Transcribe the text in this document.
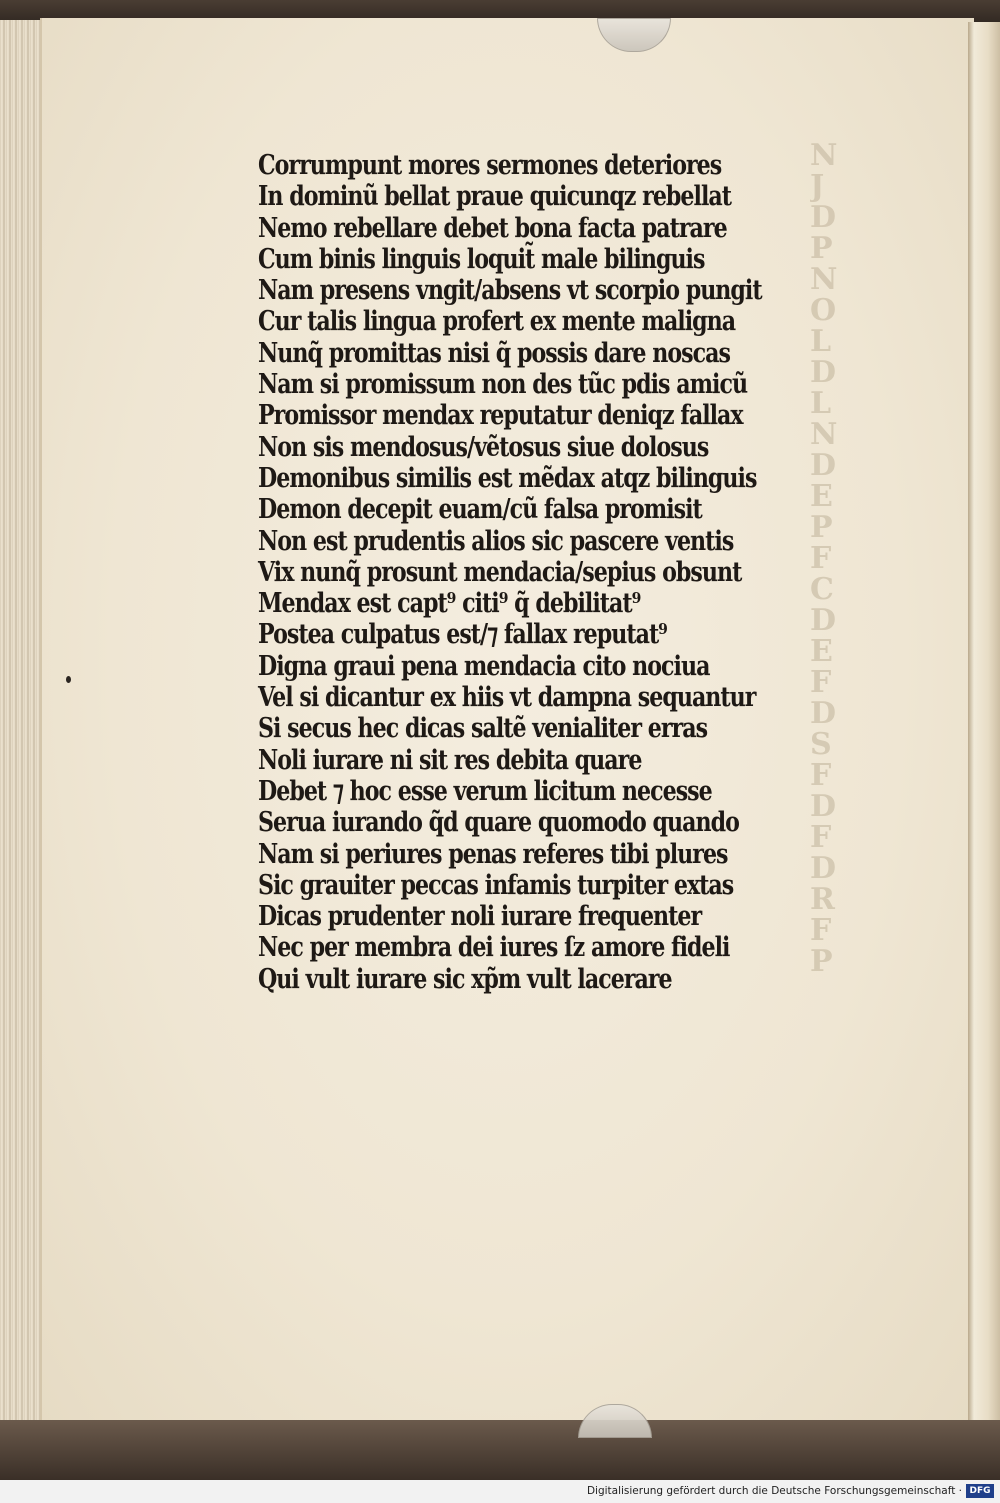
N
J
D
P
N
O
L
D
L
N
D
E
P
F
C
D
E
F
D
S
F
D
F
D
R
F
P
Corrumpunt mores sermones deteriores
In dominũ bellat praue quicunqz rebellat
Nemo rebellare debet bona facta patrare
Cum binis linguis loquit̃ male bilinguis
Nam presens vngit/absens vt scorpio pungit
Cur talis lingua profert ex mente maligna
Nunq̃ promittas nisi q̃ possis dare noscas
Nam si promissum non des tũc pdis amicũ
Promissor mendax reputatur deniqz fallax
Non sis mendosus/vẽtosus siue dolosus
Demonibus similis est mẽdax atqz bilinguis
Demon decepit euam/cũ falsa promisit
Non est prudentis alios sic pascere ventis
Vix nunq̃ prosunt mendacia/sepius obsunt
Mendax est capt⁹ citi⁹ q̃ debilitat⁹
Postea culpatus est/⁊ fallax reputat⁹
Digna graui pena mendacia cito nociua
Vel si dicantur ex hiis vt dampna sequantur
Si secus hec dicas saltẽ venialiter erras
Noli iurare ni sit res debita quare
Debet ⁊ hoc esse verum licitum necesse
Serua iurando q̃d quare quomodo quando
Nam si periures penas referes tibi plures
Sic grauiter peccas infamis turpiter extas
Dicas prudenter noli iurare frequenter
Nec per membra dei iures ſz amore fideli
Qui vult iurare sic xp̃m vult lacerare
Digitalisierung gefördert durch die Deutsche Forschungsgemeinschaft · DFG
